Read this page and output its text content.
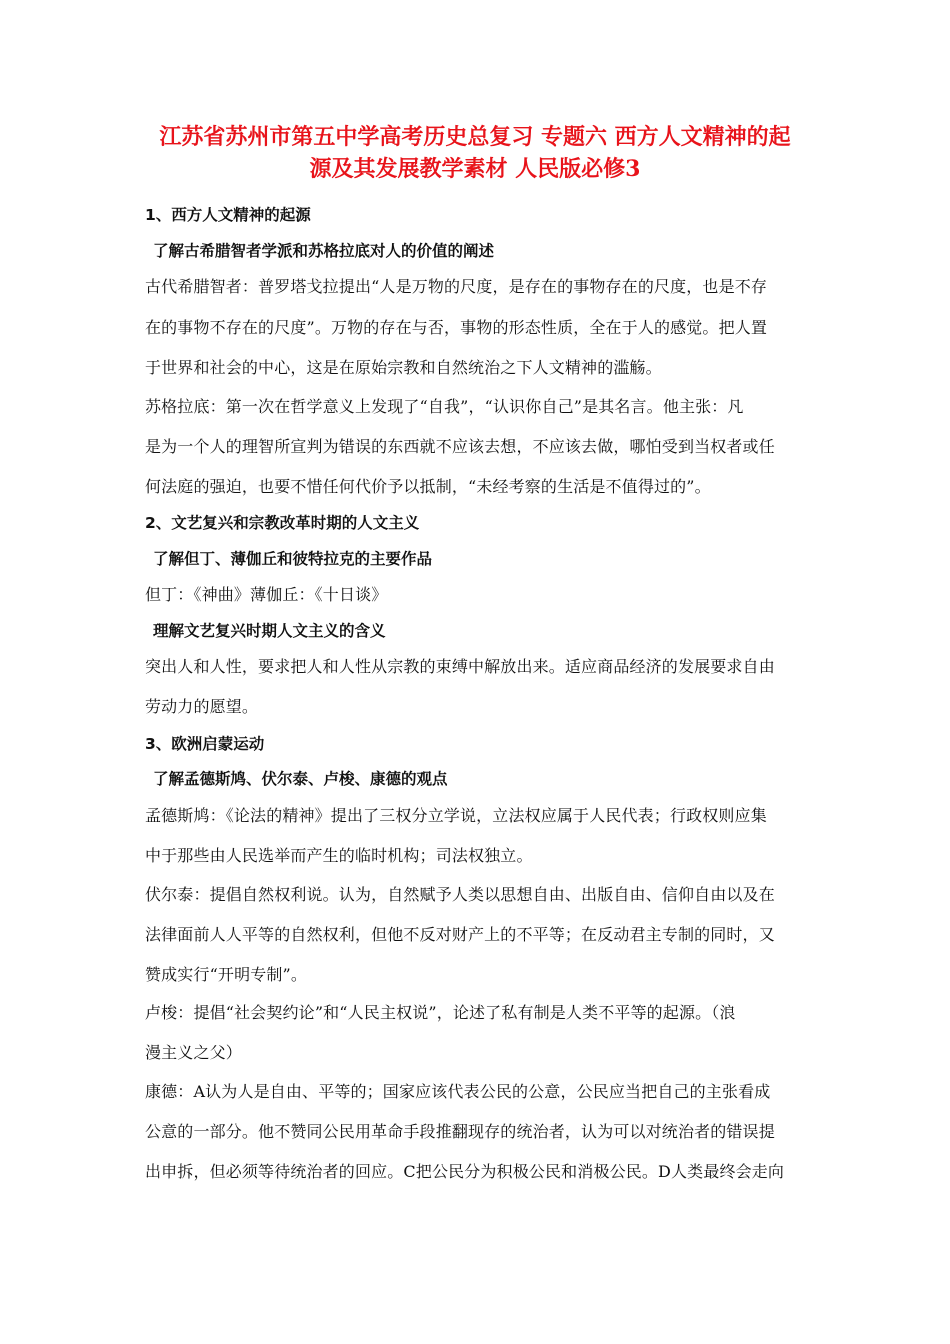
江苏省苏州市第五中学高考历史总复习 专题六 西方人文精神的起
源及其发展教学素材 人民版必修3
1、西方人文精神的起源
了解古希腊智者学派和苏格拉底对人的价值的阐述
古代希腊智者：普罗塔戈拉提出“人是万物的尺度，是存在的事物存在的尺度，也是不存
在的事物不存在的尺度”。万物的存在与否，事物的形态性质，全在于人的感觉。把人置
于世界和社会的中心，这是在原始宗教和自然统治之下人文精神的滥觞。
苏格拉底：第一次在哲学意义上发现了“自我”，“认识你自己”是其名言。他主张：凡
是为一个人的理智所宣判为错误的东西就不应该去想，不应该去做，哪怕受到当权者或任
何法庭的强迫，也要不惜任何代价予以抵制，“未经考察的生活是不值得过的”。
2、文艺复兴和宗教改革时期的人文主义
了解但丁、薄伽丘和彼特拉克的主要作品
但丁：《神曲》薄伽丘：《十日谈》
理解文艺复兴时期人文主义的含义
突出人和人性，要求把人和人性从宗教的束缚中解放出来。适应商品经济的发展要求自由
劳动力的愿望。
3、欧洲启蒙运动
了解孟德斯鸠、伏尔泰、卢梭、康德的观点
孟德斯鸠：《论法的精神》提出了三权分立学说，立法权应属于人民代表；行政权则应集
中于那些由人民选举而产生的临时机构；司法权独立。
伏尔泰：提倡自然权利说。认为，自然赋予人类以思想自由、出版自由、信仰自由以及在
法律面前人人平等的自然权利，但他不反对财产上的不平等；在反动君主专制的同时，又
赞成实行“开明专制”。
卢梭：提倡“社会契约论”和“人民主权说”，论述了私有制是人类不平等的起源。（浪
漫主义之父）
康德：A认为人是自由、平等的；国家应该代表公民的公意，公民应当把自己的主张看成
公意的一部分。他不赞同公民用革命手段推翻现存的统治者，认为可以对统治者的错误提
出申拆，但必须等待统治者的回应。C把公民分为积极公民和消极公民。D人类最终会走向
